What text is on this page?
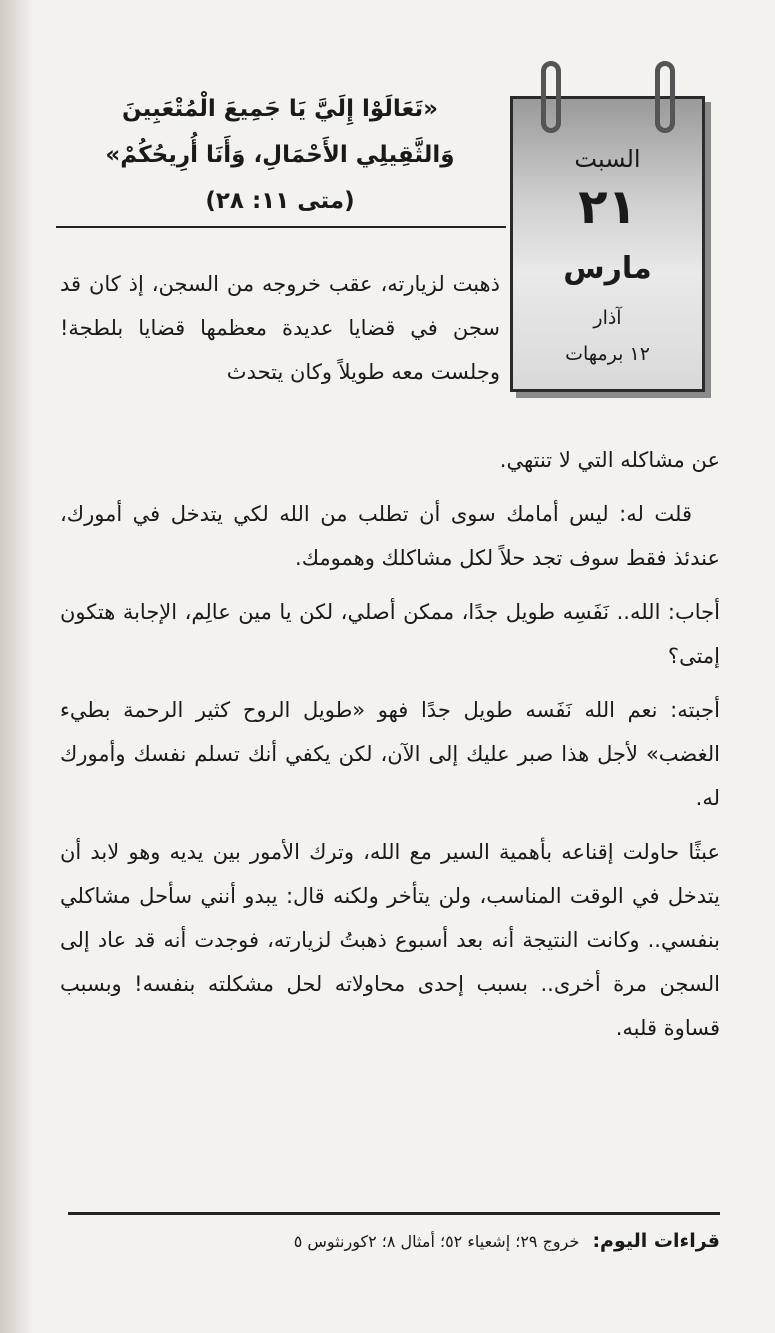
السبت
٢١
مارس
آذار
١٢ برمهات
«تَعَالَوْا إِلَيَّ يَا جَمِيعَ الْمُتْعَبِينَ
وَالثَّقِيلِي الأَحْمَالِ، وَأَنَا أُرِيحُكُمْ»
(متى ١١: ٢٨)
ذهبت لزيارته، عقب خروجه من السجن، إذ كان قد سجن في قضايا عديدة معظمها قضايا بلطجة! وجلست معه طويلاً وكان يتحدث

عن مشاكله التي لا تنتهي.

قلت له: ليس أمامك سوى أن تطلب من الله لكي يتدخل في أمورك، عندئذ فقط سوف تجد حلاً لكل مشاكلك وهمومك.

أجاب: الله.. نَفَسِه طويل جدًا، ممكن أصلي، لكن يا مين عالِم، الإجابة هتكون إمتى؟

أجبته: نعم الله نَفَسه طويل جدًا فهو «طويل الروح كثير الرحمة بطيء الغضب» لأجل هذا صبر عليك إلى الآن، لكن يكفي أنك تسلم نفسك وأمورك له.

عبثًا حاولت إقناعه بأهمية السير مع الله، وترك الأمور بين يديه وهو لابد أن يتدخل في الوقت المناسب، ولن يتأخر ولكنه قال: يبدو أنني سأحل مشاكلي بنفسي.. وكانت النتيجة أنه بعد أسبوع ذهبتُ لزيارته، فوجدت أنه قد عاد إلى السجن مرة أخرى.. بسبب إحدى محاولاته لحل مشكلته بنفسه! وبسبب قساوة قلبه.

قراءات اليوم: خروج ٢٩؛ إشعياء ٥٢؛ أمثال ٨؛ ٢كورنثوس ٥
